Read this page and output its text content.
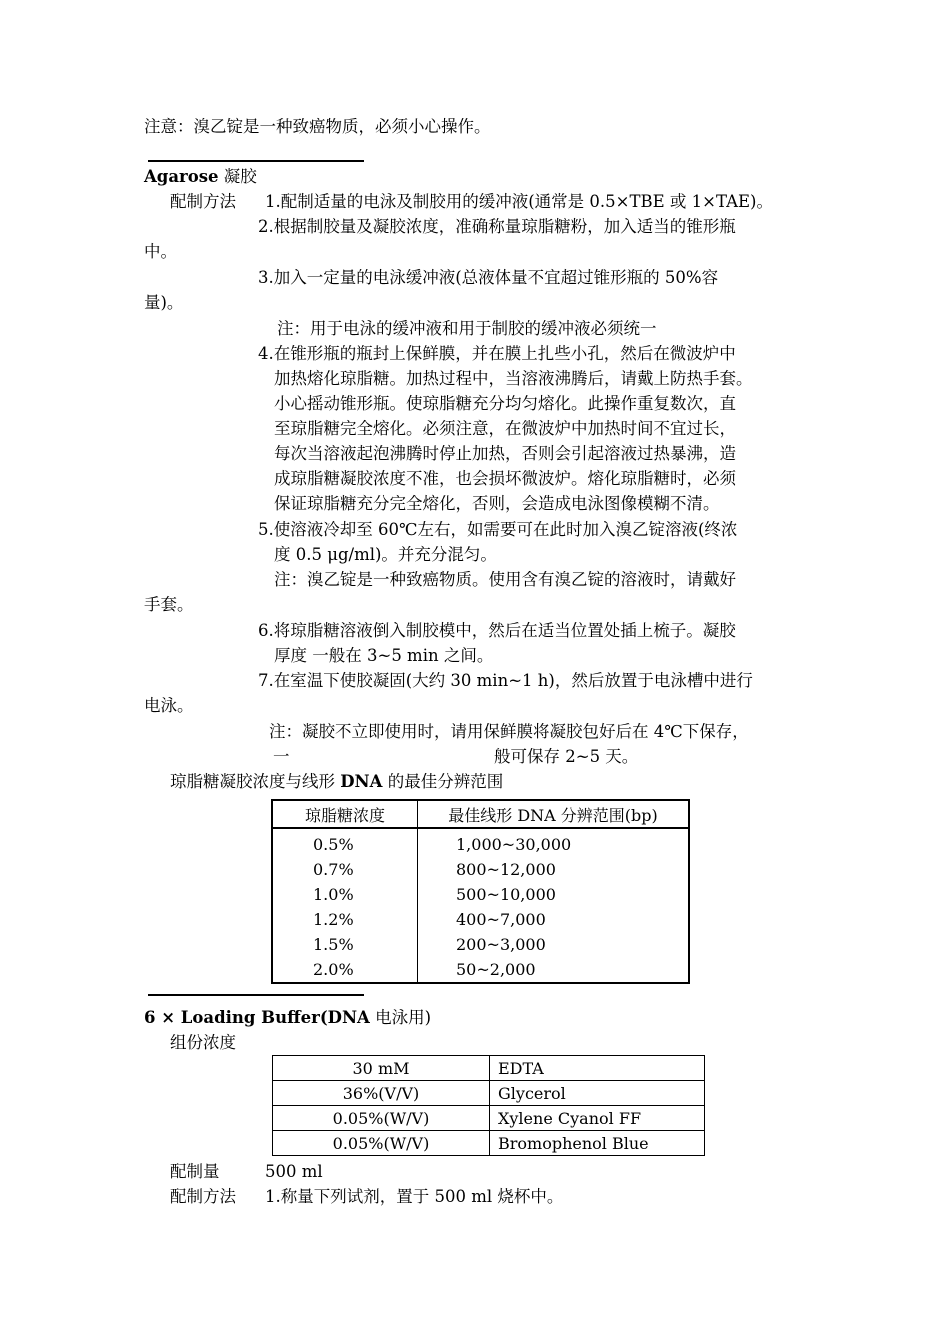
注意：溴乙锭是一种致癌物质，必须小心操作。
Agarose 凝胶
配制方法 1.配制适量的电泳及制胶用的缓冲液(通常是 0.5×TBE 或 1×TAE)。
2.根据制胶量及凝胶浓度，准确称量琼脂糖粉，加入适当的锥形瓶
中。
3.加入一定量的电泳缓冲液(总液体量不宜超过锥形瓶的 50%容
量)。
注：用于电泳的缓冲液和用于制胶的缓冲液必须统一
4.在锥形瓶的瓶封上保鲜膜，并在膜上扎些小孔，然后在微波炉中
加热熔化琼脂糖。加热过程中，当溶液沸腾后，请戴上防热手套。
小心摇动锥形瓶。使琼脂糖充分均匀熔化。此操作重复数次，直
至琼脂糖完全熔化。必须注意，在微波炉中加热时间不宜过长，
每次当溶液起泡沸腾时停止加热，否则会引起溶液过热暴沸，造
成琼脂糖凝胶浓度不准，也会损坏微波炉。熔化琼脂糖时，必须
保证琼脂糖充分完全熔化，否则，会造成电泳图像模糊不清。
5.使溶液冷却至 60℃左右，如需要可在此时加入溴乙锭溶液(终浓
度 0.5 μg/ml)。并充分混匀。
注：溴乙锭是一种致癌物质。使用含有溴乙锭的溶液时，请戴好
手套。
6.将琼脂糖溶液倒入制胶模中，然后在适当位置处插上梳子。凝胶
厚度 一般在 3~5 min 之间。
7.在室温下使胶凝固(大约 30 min~1 h)，然后放置于电泳槽中进行
电泳。
注：凝胶不立即使用时，请用保鲜膜将凝胶包好后在 4℃下保存，
一	般可保存 2~5 天。
琼脂糖凝胶浓度与线形 DNA 的最佳分辨范围
琼脂糖浓度	最佳线形 DNA 分辨范围(bp)
0.5%	1,000~30,000
0.7%	800~12,000
1.0%	500~10,000
1.2%	400~7,000
1.5%	200~3,000
2.0%	50~2,000
6 × Loading Buffer(DNA 电泳用)
组份浓度
30 mM	EDTA
36%(V/V)	Glycerol
0.05%(W/V)	Xylene Cyanol FF
0.05%(W/V)	Bromophenol Blue
配制量	500 ml
配制方法 1.称量下列试剂，置于 500 ml 烧杯中。
